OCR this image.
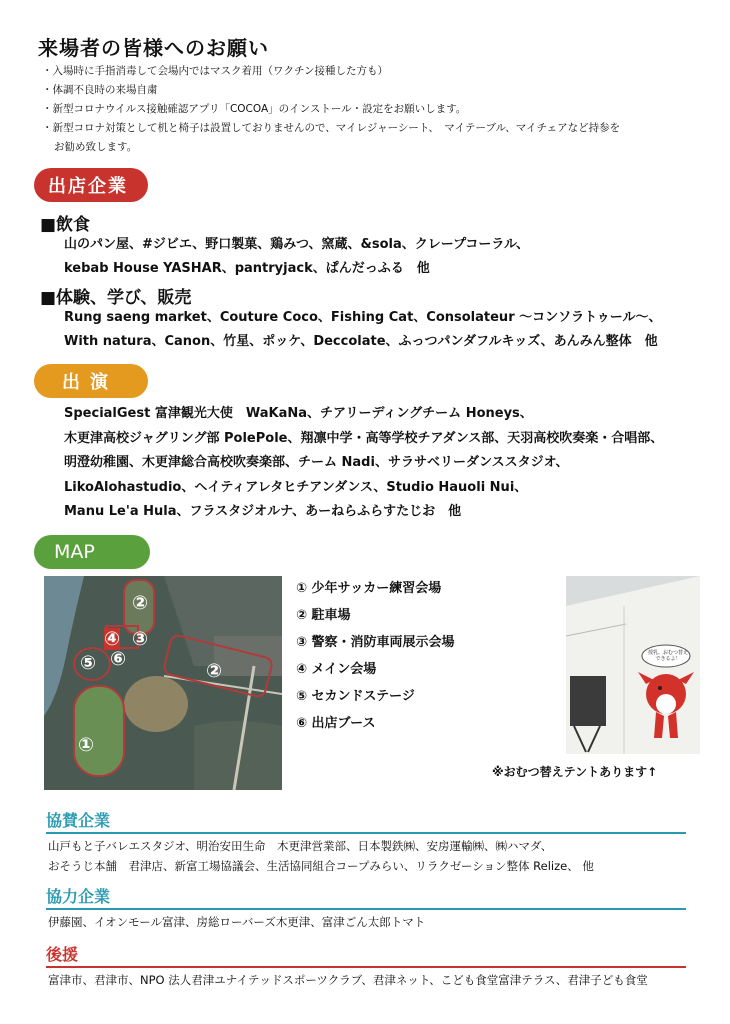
来場者の皆様へのお願い
・入場時に手指消毒して会場内ではマスク着用（ワクチン接種した方も）
・体調不良時の来場自粛
・新型コロナウイルス接触確認アプリ「COCOA」のインストール・設定をお願いします。
・新型コロナ対策として机と椅子は設置しておりませんので、マイレジャーシート、　マイテーブル、マイチェアなど持参を
お勧め致します。
出店企業
■飲食
山のパン屋、#ジビエ、野口製菓、鶏みつ、窯蔵、&sola、クレープコーラル、
kebab House YASHAR、pantryjack、ぱんだっふる　他
■体験、学び、販売
Rung saeng market、Couture Coco、Fishing Cat、Consolateur 〜コンソラトゥール〜、
With natura、Canon、竹星、ポッケ、Deccolate、ふっつパンダフルキッズ、あんみん整体　他
出演
SpecialGest 富津観光大使　WaKaNa、チアリーディングチーム Honeys、
木更津高校ジャグリング部 PolePole、翔凛中学・高等学校チアダンス部、天羽高校吹奏楽・合唱部、
明澄幼稚園、木更津総合高校吹奏楽部、チーム Nadi、サラサベリーダンススタジオ、
LikoAlohastudio、ヘイティアレタヒチアンダンス、Studio Hauoli Nui、
Manu Le'a Hula、フラスタジオルナ、あーねらふらすたじお　他
MAP
①
②
②
③
④
⑤ ⑥
① 少年サッカー練習会場
② 駐車場
③ 警察・消防車両展示会場
④ メイン会場
⑤ セカンドステージ
⑥ 出店ブース
授乳、おむつ替えできるよ！
※おむつ替えテントあります↑
協賛企業
山戸もと子バレエスタジオ、明治安田生命　木更津営業部、日本製鉄㈱、安房運輸㈱、㈱ハマダ、
おそうじ本舗　君津店、新富工場協議会、生活協同組合コープみらい、リラクゼーション整体 Relize、 他
協力企業
伊藤園、イオンモール富津、房総ローバーズ木更津、富津ごん太郎トマト
後援
富津市、君津市、NPO 法人君津ユナイテッドスポーツクラブ、君津ネット、こども食堂富津テラス、君津子ども食堂
